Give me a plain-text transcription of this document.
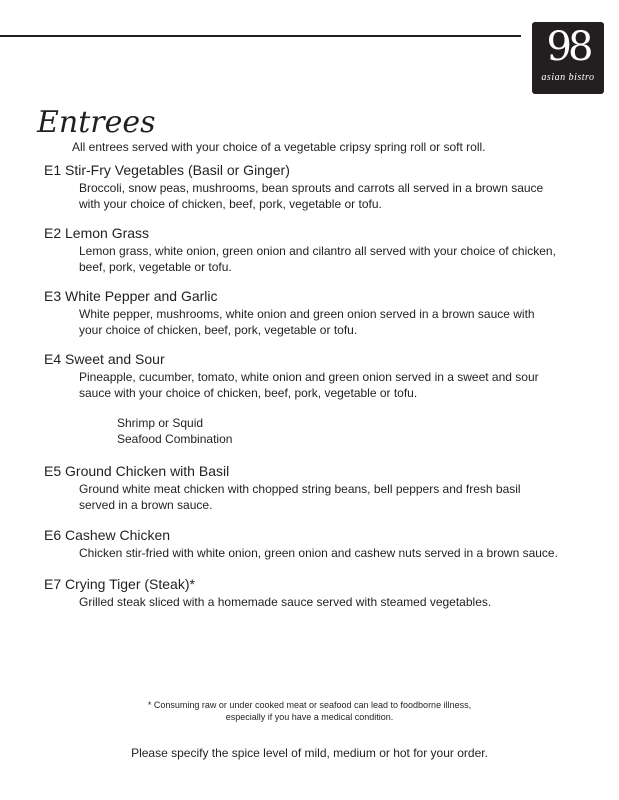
98
asian bistro
Entrees
All entrees served with your choice of a vegetable cripsy spring roll or soft roll.
E1 Stir-Fry Vegetables (Basil or Ginger)

Broccoli, snow peas, mushrooms, bean sprouts and carrots all served in a brown sauce
with your choice of chicken, beef, pork, vegetable or tofu.

E2 Lemon Grass

Lemon grass, white onion, green onion and cilantro all served with your choice of chicken,
beef, pork, vegetable or tofu.

E3 White Pepper and Garlic

White pepper, mushrooms, white onion and green onion served in a brown sauce with
your choice of chicken, beef, pork, vegetable or tofu.

E4 Sweet and Sour

Pineapple, cucumber, tomato, white onion and green onion served in a sweet and sour
sauce with your choice of chicken, beef, pork, vegetable or tofu.

Shrimp or Squid
Seafood Combination
E5 Ground Chicken with Basil

Ground white meat chicken with chopped string beans, bell peppers and fresh basil
served in a brown sauce.

E6 Cashew Chicken

Chicken stir-fried with white onion, green onion and cashew nuts served in a brown sauce.

E7 Crying Tiger (Steak)*

Grilled steak sliced with a homemade sauce served with steamed vegetables.

* Consuming raw or under cooked meat or seafood can lead to foodborne illness,
especially if you have a medical condition.
Please specify the spice level of mild, medium or hot for your order.
